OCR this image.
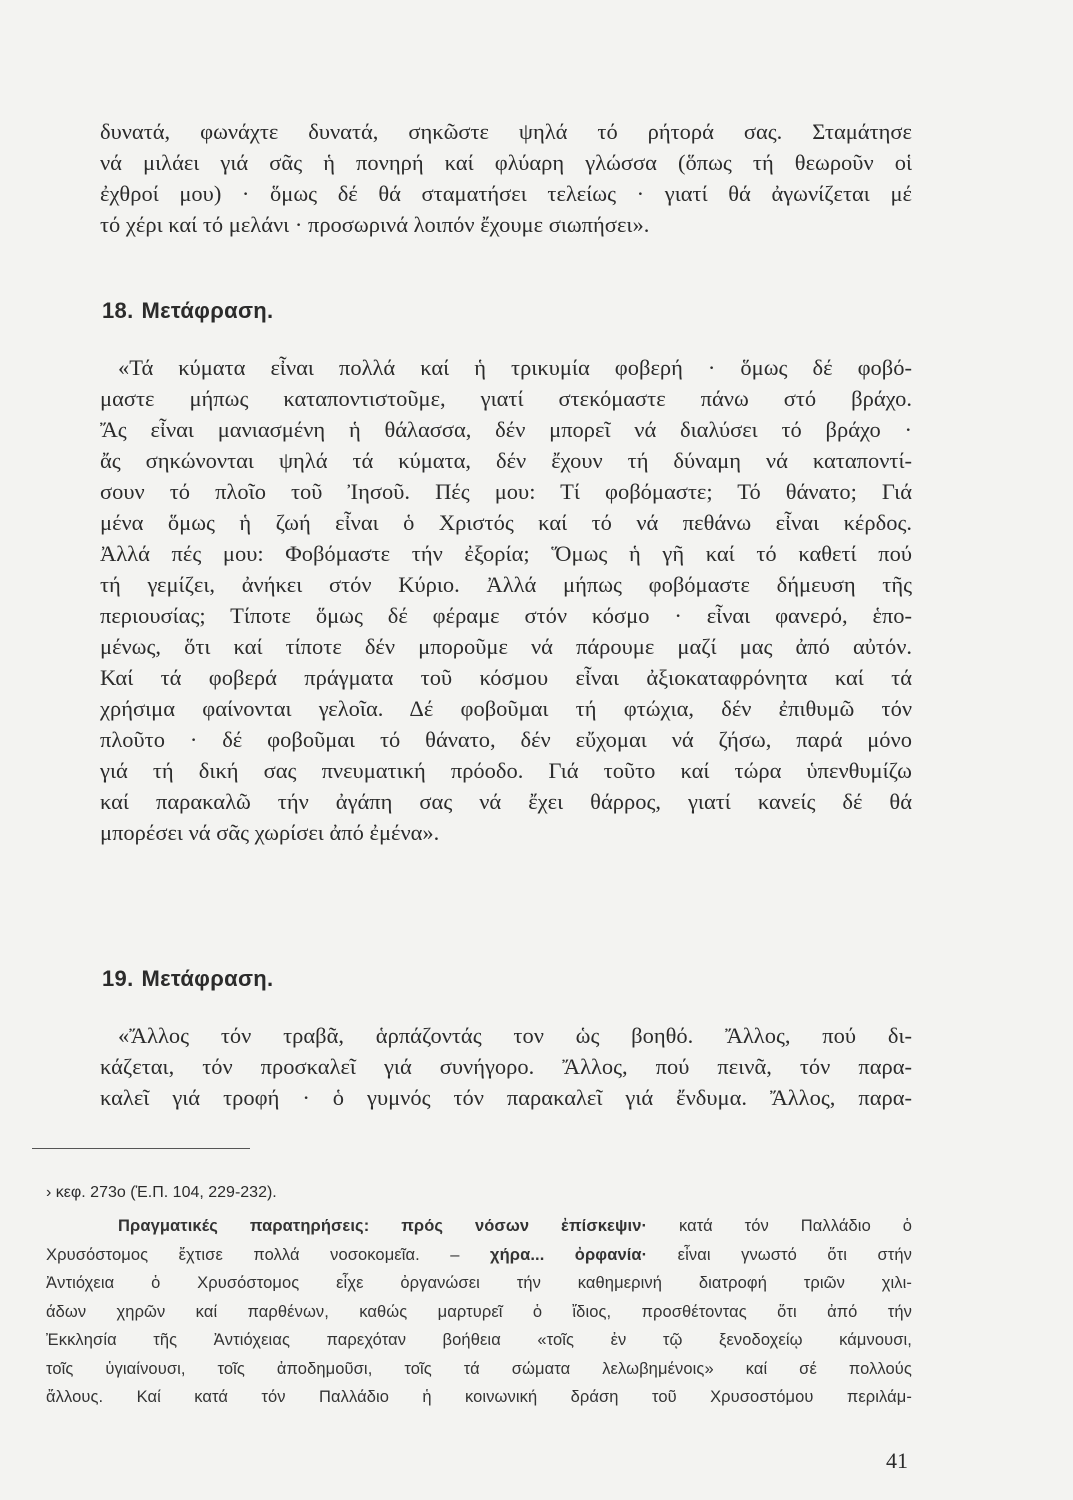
δυνατά, φωνάχτε δυνατά, σηκῶστε ψηλά τό ρήτορά σας. Σταμάτησε
νά μιλάει γιά σᾶς ἡ πονηρή καί φλύαρη γλώσσα (ὅπως τή θεωροῦν οἱ
ἐχθροί μου) · ὅμως δέ θά σταματήσει τελείως · γιατί θά ἀγωνίζεται μέ
τό χέρι καί τό μελάνι · προσωρινά λοιπόν ἔχουμε σιωπήσει».
18. Μετάφραση.
«Τά κύματα εἶναι πολλά καί ἡ τρικυμία φοβερή · ὅμως δέ φοβό-
μαστε μήπως καταποντιστοῦμε, γιατί στεκόμαστε πάνω στό βράχο.
Ἄς εἶναι μανιασμένη ἡ θάλασσα, δέν μπορεῖ νά διαλύσει τό βράχο ·
ἄς σηκώνονται ψηλά τά κύματα, δέν ἔχουν τή δύναμη νά καταποντί-
σουν τό πλοῖο τοῦ Ἰησοῦ. Πές μου: Τί φοβόμαστε; Τό θάνατο; Γιά
μένα ὅμως ἡ ζωή εἶναι ὁ Χριστός καί τό νά πεθάνω εἶναι κέρδος.
Ἀλλά πές μου: Φοβόμαστε τήν ἐξορία; Ὅμως ἡ γῆ καί τό καθετί πού
τή γεμίζει, ἀνήκει στόν Κύριο. Ἀλλά μήπως φοβόμαστε δήμευση τῆς
περιουσίας; Τίποτε ὅμως δέ φέραμε στόν κόσμο · εἶναι φανερό, ἑπο-
μένως, ὅτι καί τίποτε δέν μποροῦμε νά πάρουμε μαζί μας ἀπό αὐτόν.
Καί τά φοβερά πράγματα τοῦ κόσμου εἶναι ἀξιοκαταφρόνητα καί τά
χρήσιμα φαίνονται γελοῖα. Δέ φοβοῦμαι τή φτώχια, δέν ἐπιθυμῶ τόν
πλοῦτο · δέ φοβοῦμαι τό θάνατο, δέν εὔχομαι νά ζήσω, παρά μόνο
γιά τή δική σας πνευματική πρόοδο. Γιά τοῦτο καί τώρα ὑπενθυμίζω
καί παρακαλῶ τήν ἀγάπη σας νά ἔχει θάρρος, γιατί κανείς δέ θά
μπορέσει νά σᾶς χωρίσει ἀπό ἐμένα».
19. Μετάφραση.
«Ἄλλος τόν τραβᾶ, ἁρπάζοντάς τον ὡς βοηθό. Ἄλλος, πού δι-
κάζεται, τόν προσκαλεῖ γιά συνήγορο. Ἄλλος, πού πεινᾶ, τόν παρα-
καλεῖ γιά τροφή · ὁ γυμνός τόν παρακαλεῖ γιά ἔνδυμα. Ἄλλος, παρα-
› κεφ. 273ο (Ἐ.Π. 104, 229-232).
Πραγματικές παρατηρήσεις: πρός νόσων ἐπίσκεψιν· κατά τόν Παλλάδιο ὁ
Χρυσόστομος ἔχτισε πολλά νοσοκομεῖα. – χήρα... ὀρφανία· εἶναι γνωστό ὅτι στήν
Ἀντιόχεια ὁ Χρυσόστομος εἶχε ὀργανώσει τήν καθημερινή διατροφή τριῶν χιλι-
άδων χηρῶν καί παρθένων, καθώς μαρτυρεῖ ὁ ἴδιος, προσθέτοντας ὅτι ἀπό τήν
Ἐκκλησία τῆς Ἀντιόχειας παρεχόταν βοήθεια «τοῖς ἐν τῷ ξενοδοχείῳ κάμνουσι,
τοῖς ὑγιαίνουσι, τοῖς ἀποδημοῦσι, τοῖς τά σώματα λελωβημένοις» καί σέ πολλούς
ἄλλους. Καί κατά τόν Παλλάδιο ἡ κοινωνική δράση τοῦ Χρυσοστόμου περιλάμ-
41
